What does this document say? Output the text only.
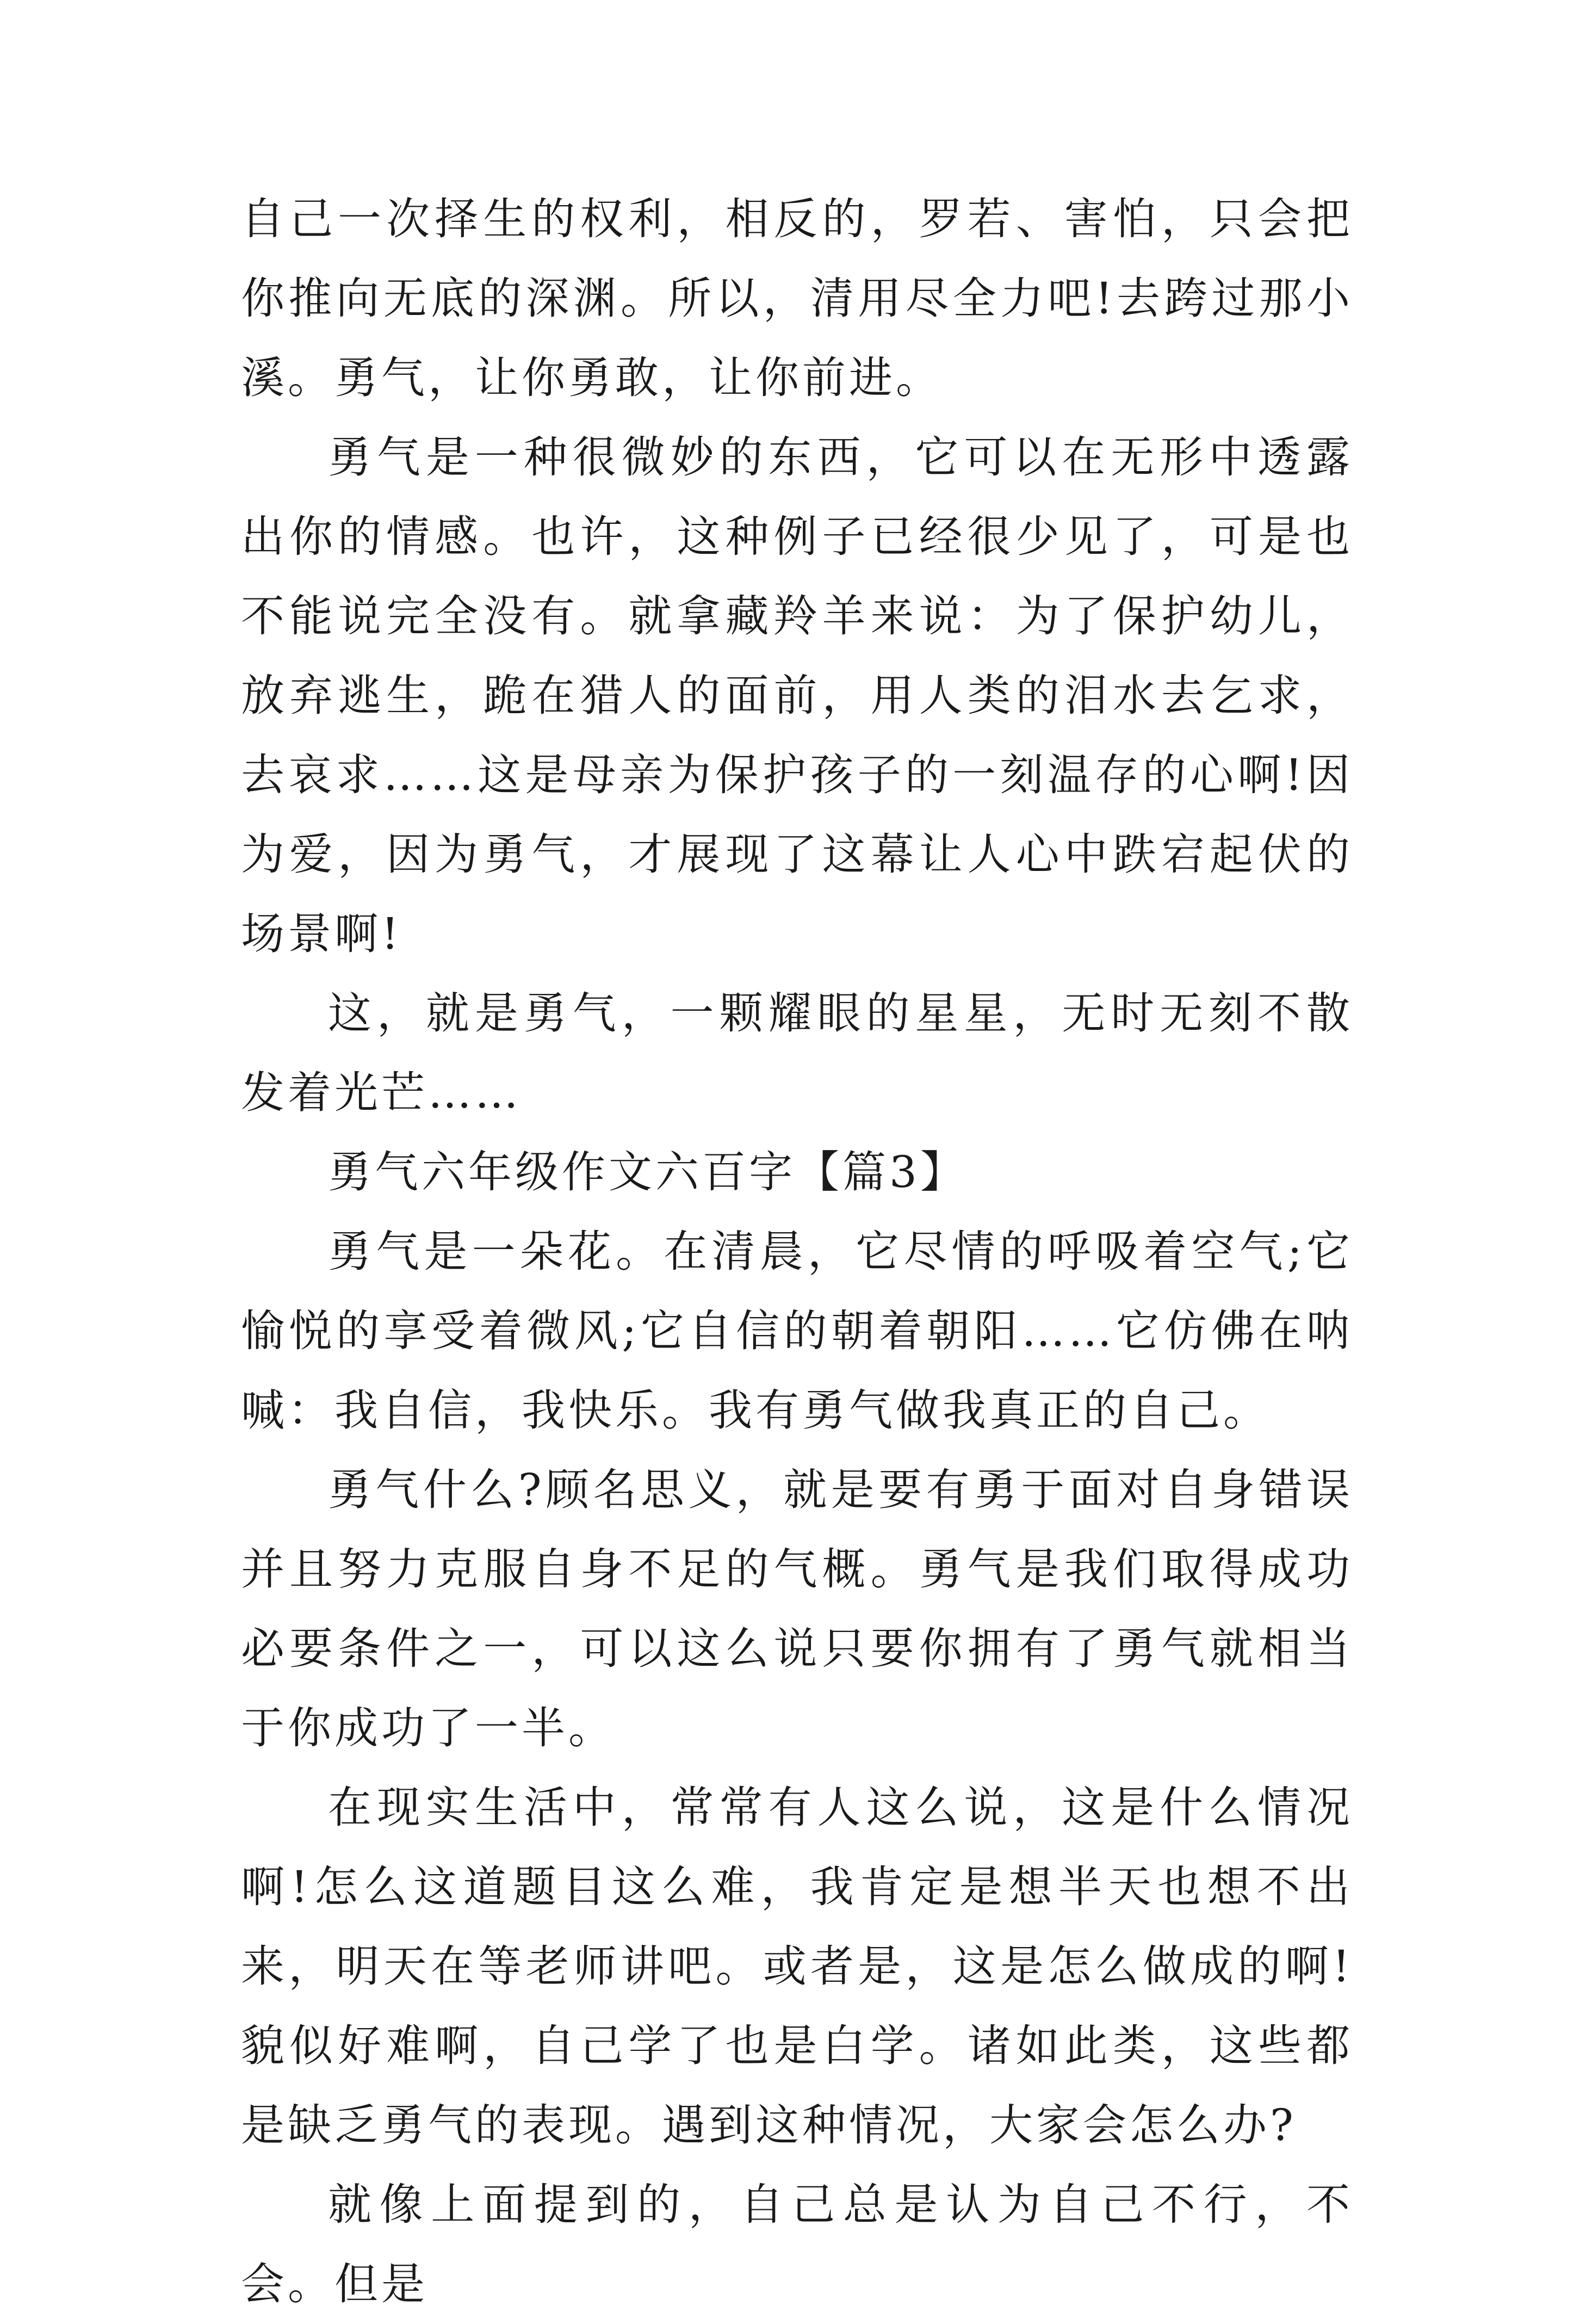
自己一次择生的权利，相反的，罗若、害怕，只会把你推向无底的深渊。所以，清用尽全力吧!去跨过那小溪。勇气，让你勇敢，让你前进。

勇气是一种很微妙的东西，它可以在无形中透露出你的情感。也许，这种例子已经很少见了，可是也不能说完全没有。就拿藏羚羊来说：为了保护幼儿，放弃逃生，跪在猎人的面前，用人类的泪水去乞求，去哀求……这是母亲为保护孩子的一刻温存的心啊!因为爱，因为勇气，才展现了这幕让人心中跌宕起伏的场景啊!

这，就是勇气，一颗耀眼的星星，无时无刻不散发着光芒……

勇气六年级作文六百字【篇3】

勇气是一朵花。在清晨，它尽情的呼吸着空气;它愉悦的享受着微风;它自信的朝着朝阳……它仿佛在呐喊：我自信，我快乐。我有勇气做我真正的自己。

勇气什么?顾名思义，就是要有勇于面对自身错误并且努力克服自身不足的气概。勇气是我们取得成功必要条件之一，可以这么说只要你拥有了勇气就相当于你成功了一半。

在现实生活中，常常有人这么说，这是什么情况啊!怎么这道题目这么难，我肯定是想半天也想不出来，明天在等老师讲吧。或者是，这是怎么做成的啊!貌似好难啊，自己学了也是白学。诸如此类，这些都是缺乏勇气的表现。遇到这种情况，大家会怎么办?

就像上面提到的，自己总是认为自己不行，不会。但是
